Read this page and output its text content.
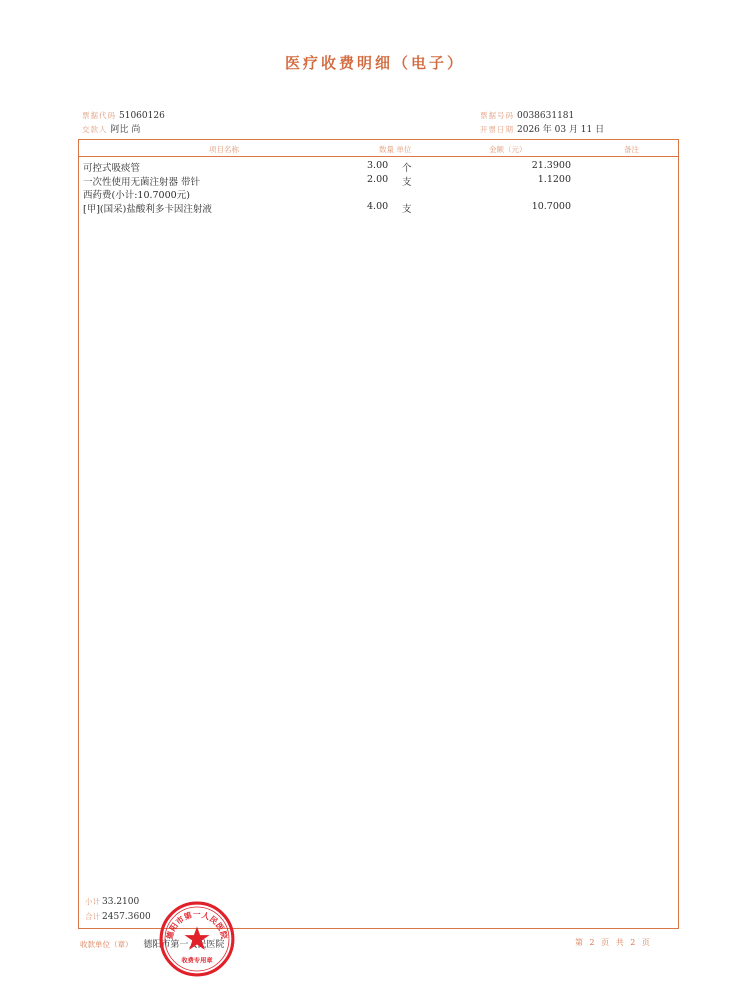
医疗收费明细（电子）
票据代码 51060126
交款人 阿比 尚
票据号码 0038631181
开票日期 2026 年 03 月 11 日
项目名称	数量 单位	金额（元）	备注
可控式吸痰管	3.00 个	21.3900
一次性使用无菌注射器 带针	2.00 支	1.1200
西药费(小计:10.7000元)
[甲](国采)盐酸利多卡因注射液	4.00 支	10.7000
小计 33.2100
合计 2457.3600
收款单位（章） 德阳市第一人民医院	第 2 页 共 2 页
德阳市第一人民医院
收费专用章
